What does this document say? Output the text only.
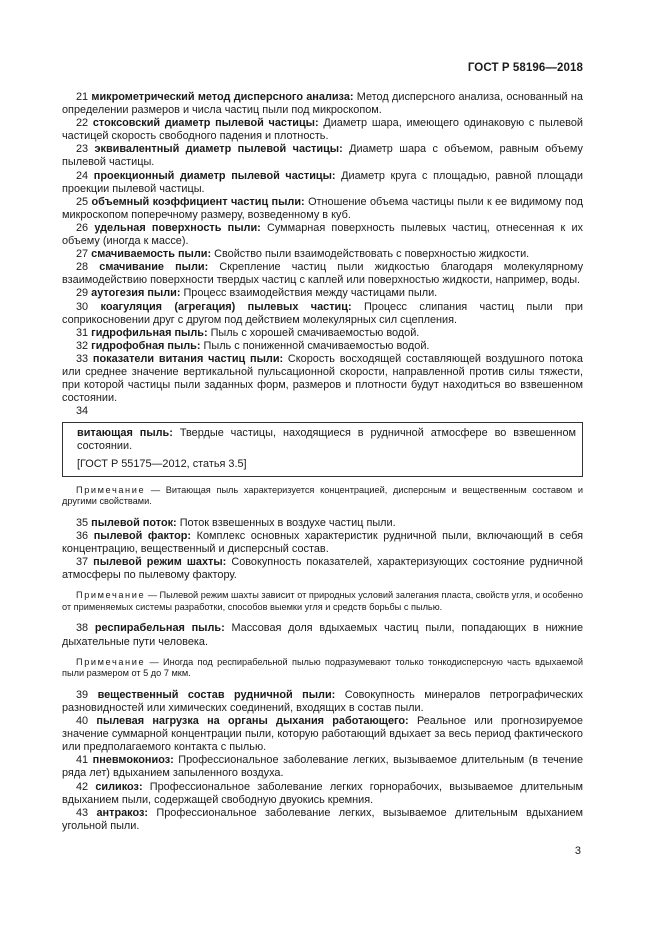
ГОСТ Р 58196—2018

21 микрометрический метод дисперсного анализа: Метод дисперсного анализа, основанный на определении размеров и числа частиц пыли под микроскопом.

22 стоксовский диаметр пылевой частицы: Диаметр шара, имеющего одинаковую с пылевой частицей скорость свободного падения и плотность.

23 эквивалентный диаметр пылевой частицы: Диаметр шара с объемом, равным объему пылевой частицы.

24 проекционный диаметр пылевой частицы: Диаметр круга с площадью, равной площади проекции пылевой частицы.

25 объемный коэффициент частиц пыли: Отношение объема частицы пыли к ее видимому под микроскопом поперечному размеру, возведенному в куб.

26 удельная поверхность пыли: Суммарная поверхность пылевых частиц, отнесенная к их объему (иногда к массе).

27 смачиваемость пыли: Свойство пыли взаимодействовать с поверхностью жидкости.

28 смачивание пыли: Скрепление частиц пыли жидкостью благодаря молекулярному взаимодействию поверхности твердых частиц с каплей или поверхностью жидкости, например, воды.

29 аутогезия пыли: Процесс взаимодействия между частицами пыли.

30 коагуляция (агрегация) пылевых частиц: Процесс слипания частиц пыли при соприкосновении друг с другом под действием молекулярных сил сцепления.

31 гидрофильная пыль: Пыль с хорошей смачиваемостью водой.

32 гидрофобная пыль: Пыль с пониженной смачиваемостью водой.

33 показатели витания частиц пыли: Скорость восходящей составляющей воздушного потока или среднее значение вертикальной пульсационной скорости, направленной против силы тяжести, при которой частицы пыли заданных форм, размеров и плотности будут находиться во взвешенном состоянии.

34

витающая пыль: Твердые частицы, находящиеся в рудничной атмосфере во взвешенном состоянии.

[ГОСТ Р 55175—2012, статья 3.5]

Примечание — Витающая пыль характеризуется концентрацией, дисперсным и вещественным составом и другими свойствами.

35 пылевой поток: Поток взвешенных в воздухе частиц пыли.

36 пылевой фактор: Комплекс основных характеристик рудничной пыли, включающий в себя концентрацию, вещественный и дисперсный состав.

37 пылевой режим шахты: Совокупность показателей, характеризующих состояние рудничной атмосферы по пылевому фактору.

Примечание — Пылевой режим шахты зависит от природных условий залегания пласта, свойств угля, и особенно от применяемых системы разработки, способов выемки угля и средств борьбы с пылью.

38 респирабельная пыль: Массовая доля вдыхаемых частиц пыли, попадающих в нижние дыхательные пути человека.

Примечание — Иногда под респирабельной пылью подразумевают только тонкодисперсную часть вдыхаемой пыли размером от 5 до 7 мкм.

39 вещественный состав рудничной пыли: Совокупность минералов петрографических разновидностей или химических соединений, входящих в состав пыли.

40 пылевая нагрузка на органы дыхания работающего: Реальное или прогнозируемое значение суммарной концентрации пыли, которую работающий вдыхает за весь период фактического или предполагаемого контакта с пылью.

41 пневмокониоз: Профессиональное заболевание легких, вызываемое длительным (в течение ряда лет) вдыханием запыленного воздуха.

42 силикоз: Профессиональное заболевание легких горнорабочих, вызываемое длительным вдыханием пыли, содержащей свободную двуокись кремния.

43 антракоз: Профессиональное заболевание легких, вызываемое длительным вдыханием угольной пыли.

3
